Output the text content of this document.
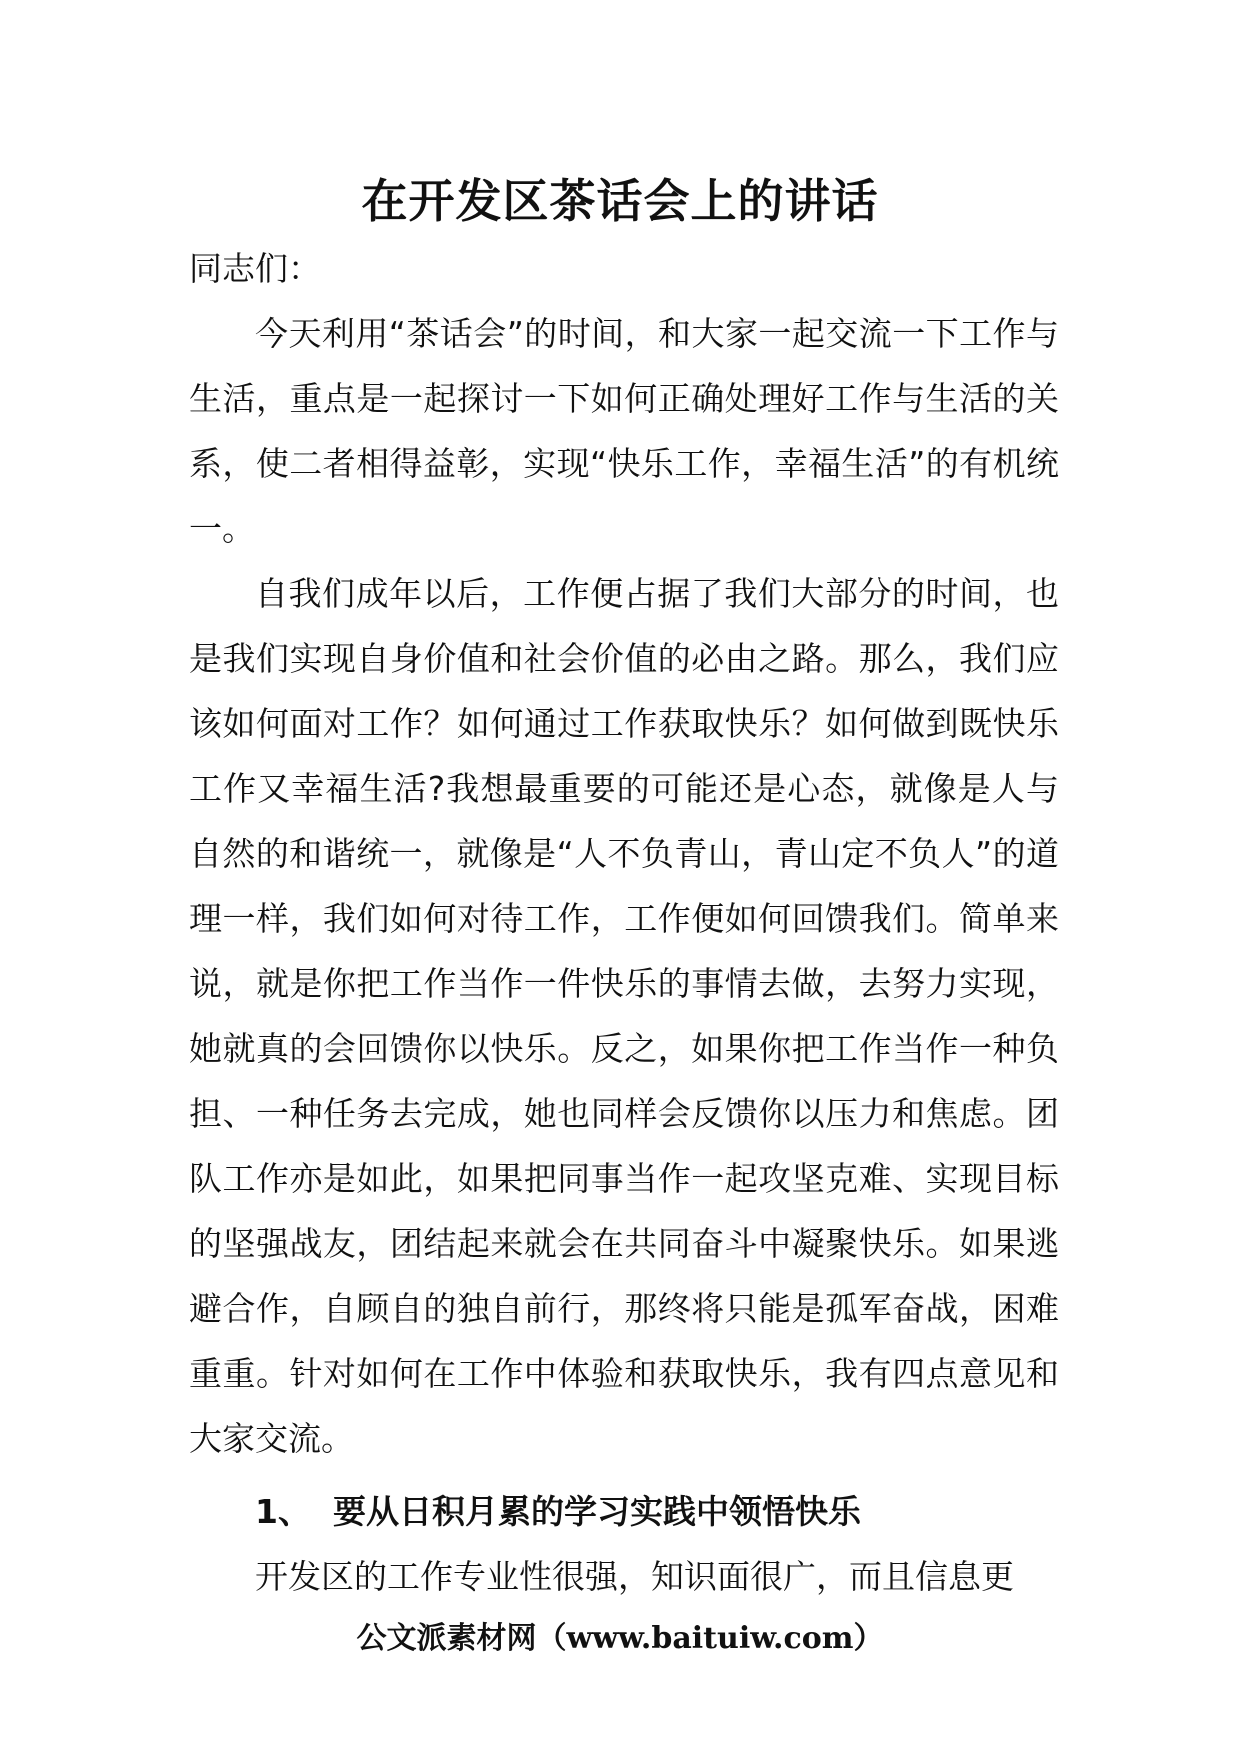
在开发区茶话会上的讲话

同志们：

今天利用“茶话会”的时间，和大家一起交流一下工作与生活，重点是一起探讨一下如何正确处理好工作与生活的关系，使二者相得益彰，实现“快乐工作，幸福生活”的有机统一。

自我们成年以后，工作便占据了我们大部分的时间，也是我们实现自身价值和社会价值的必由之路。那么，我们应该如何面对工作？如何通过工作获取快乐？如何做到既快乐工作又幸福生活?我想最重要的可能还是心态，就像是人与自然的和谐统一，就像是“人不负青山，青山定不负人”的道理一样，我们如何对待工作，工作便如何回馈我们。简单来说，就是你把工作当作一件快乐的事情去做，去努力实现，她就真的会回馈你以快乐。反之，如果你把工作当作一种负担、一种任务去完成，她也同样会反馈你以压力和焦虑。团队工作亦是如此，如果把同事当作一起攻坚克难、实现目标的坚强战友，团结起来就会在共同奋斗中凝聚快乐。如果逃避合作，自顾自的独自前行，那终将只能是孤军奋战，困难重重。针对如何在工作中体验和获取快乐，我有四点意见和大家交流。

1、 要从日积月累的学习实践中领悟快乐

开发区的工作专业性很强，知识面很广，而且信息更

公文派素材网（www.baituiw.com）
